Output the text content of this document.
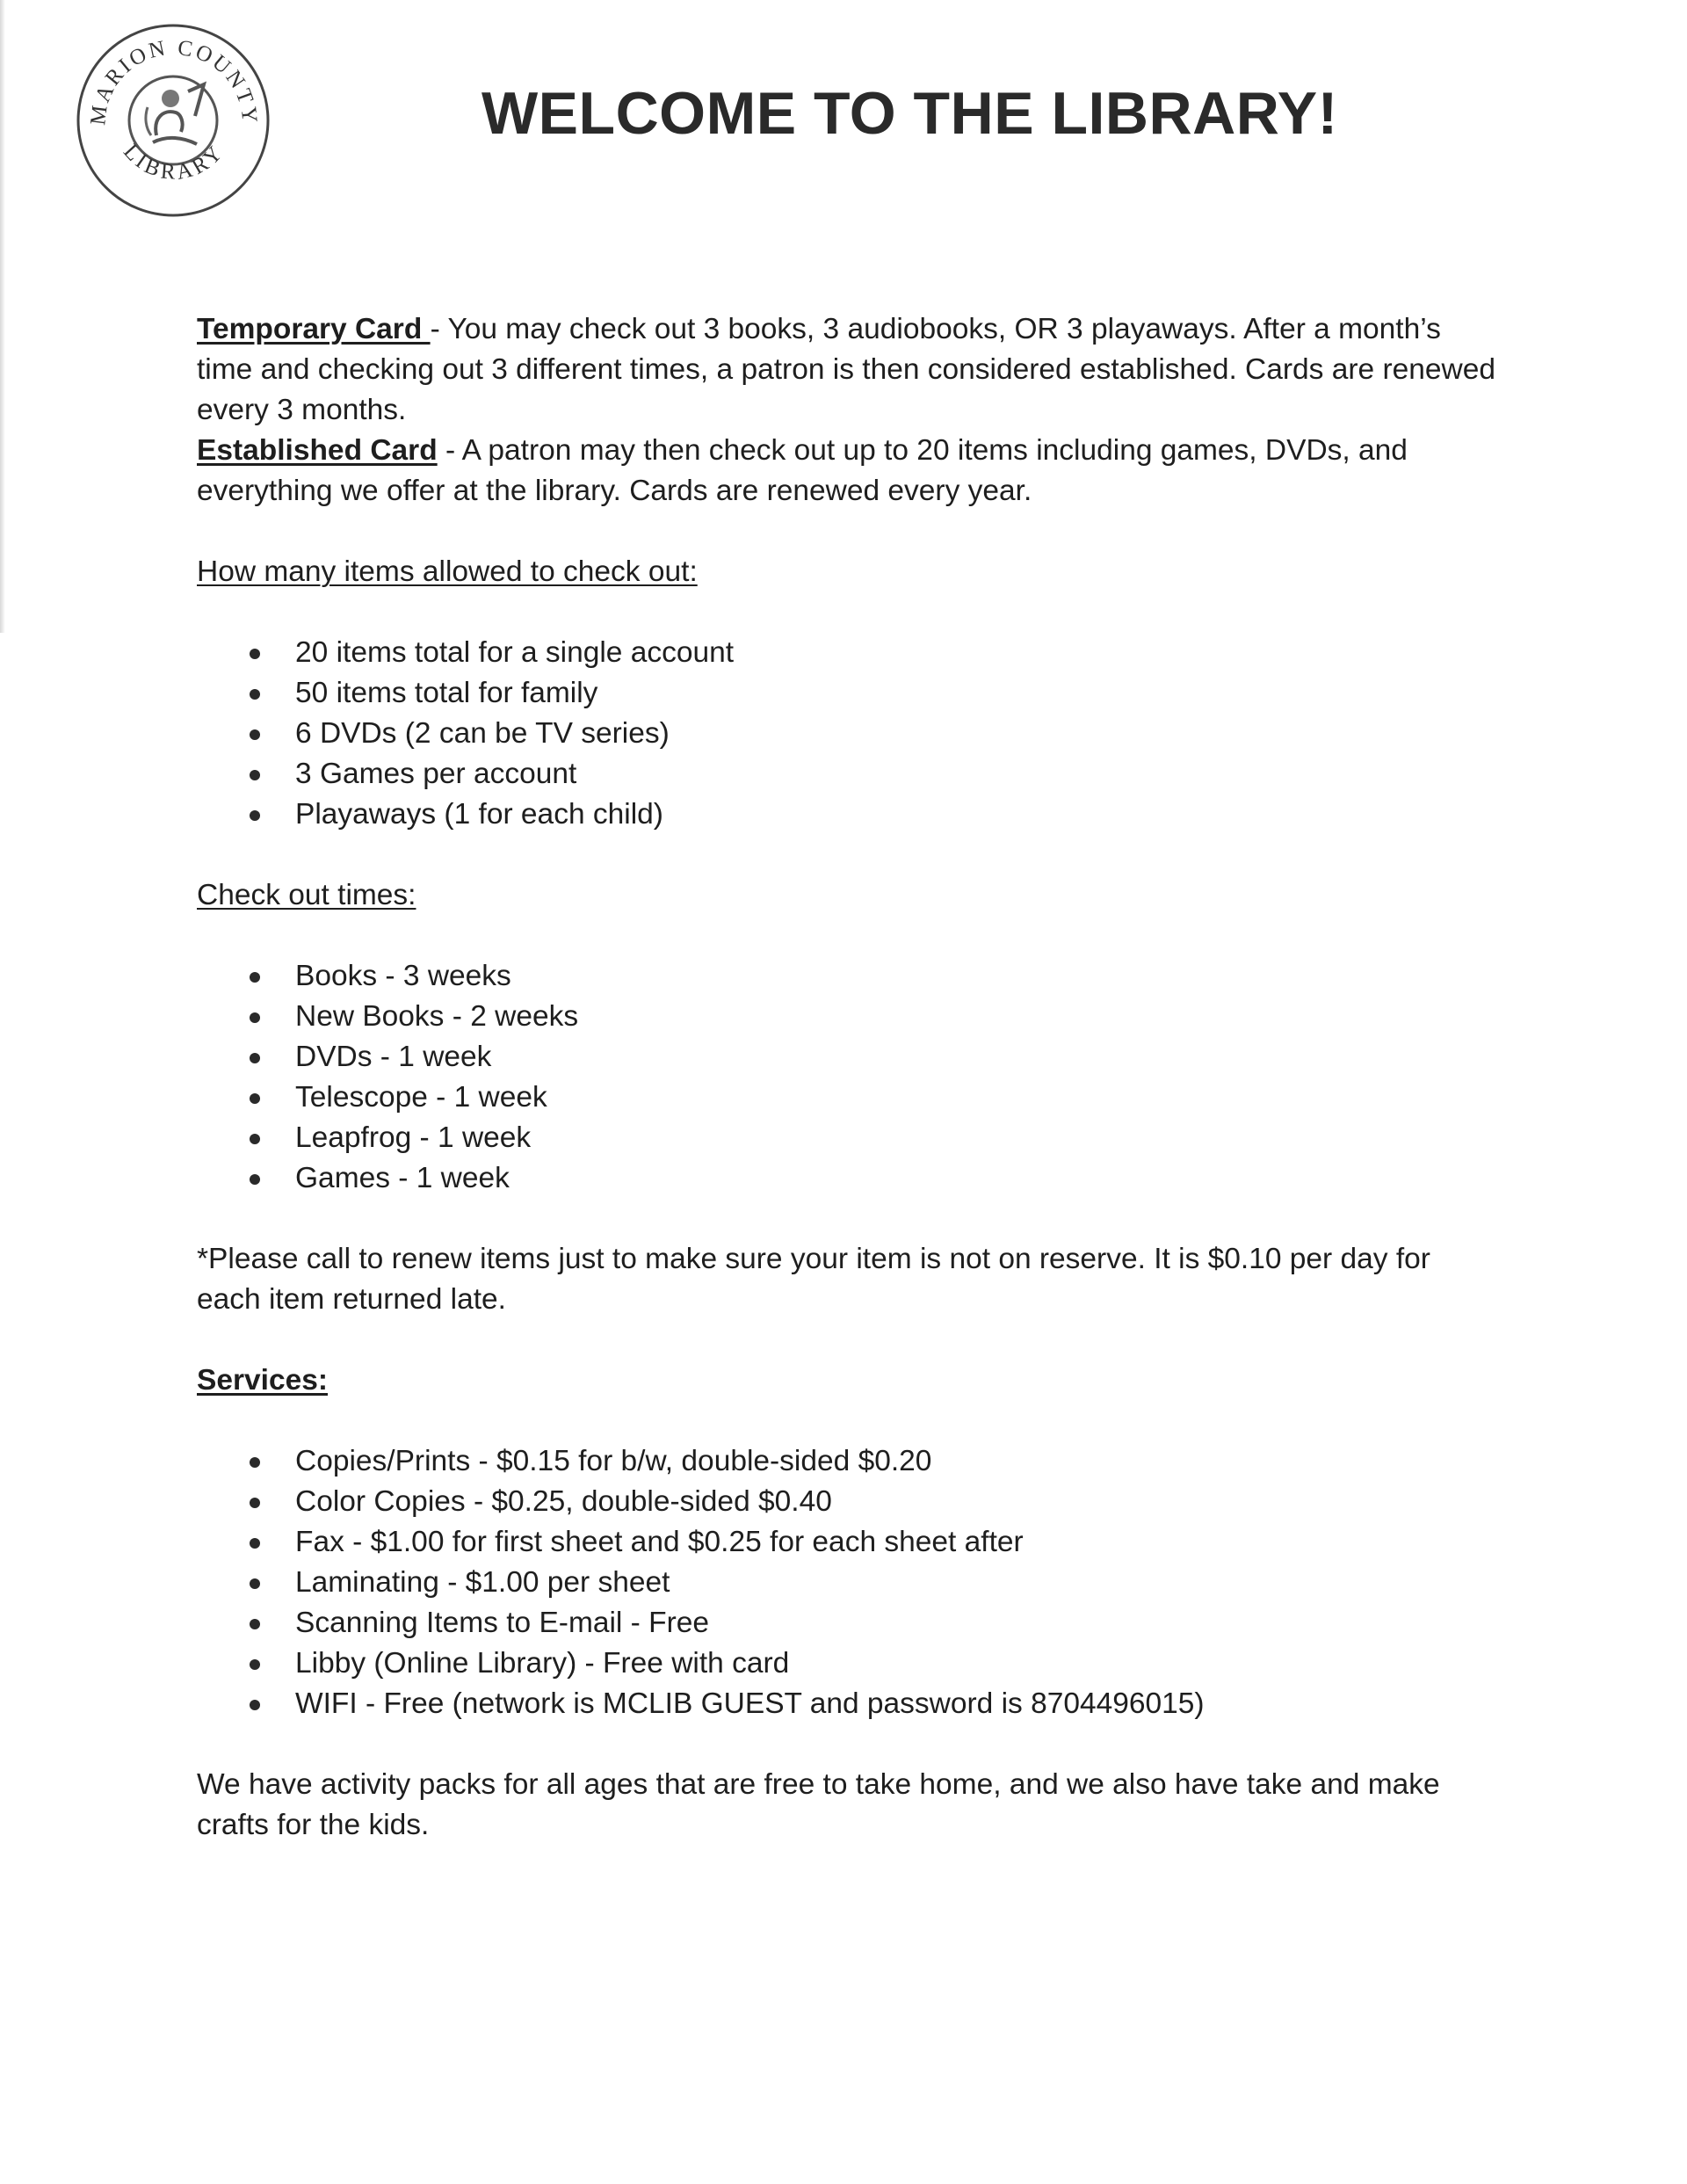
MARION COUNTY
LIBRARY
WELCOME TO THE LIBRARY!

Temporary Card - You may check out 3 books, 3 audiobooks, OR 3 playaways. After a month’s time and checking out 3 different times, a patron is then considered established. Cards are renewed every 3 months.

Established Card - A patron may then check out up to 20 items including games, DVDs, and everything we offer at the library. Cards are renewed every year.

How many items allowed to check out:

20 items total for a single account
50 items total for family
6 DVDs (2 can be TV series)
3 Games per account
Playaways (1 for each child)

Check out times:

Books - 3 weeks
New Books - 2 weeks
DVDs - 1 week
Telescope - 1 week
Leapfrog - 1 week
Games - 1 week

*Please call to renew items just to make sure your item is not on reserve. It is $0.10 per day for each item returned late.

Services:

Copies/Prints - $0.15 for b/w, double-sided $0.20
Color Copies - $0.25, double-sided $0.40
Fax - $1.00 for first sheet and $0.25 for each sheet after
Laminating - $1.00 per sheet
Scanning Items to E-mail - Free
Libby (Online Library) - Free with card
WIFI - Free (network is MCLIB GUEST and password is 8704496015)

We have activity packs for all ages that are free to take home, and we also have take and make crafts for the kids.
